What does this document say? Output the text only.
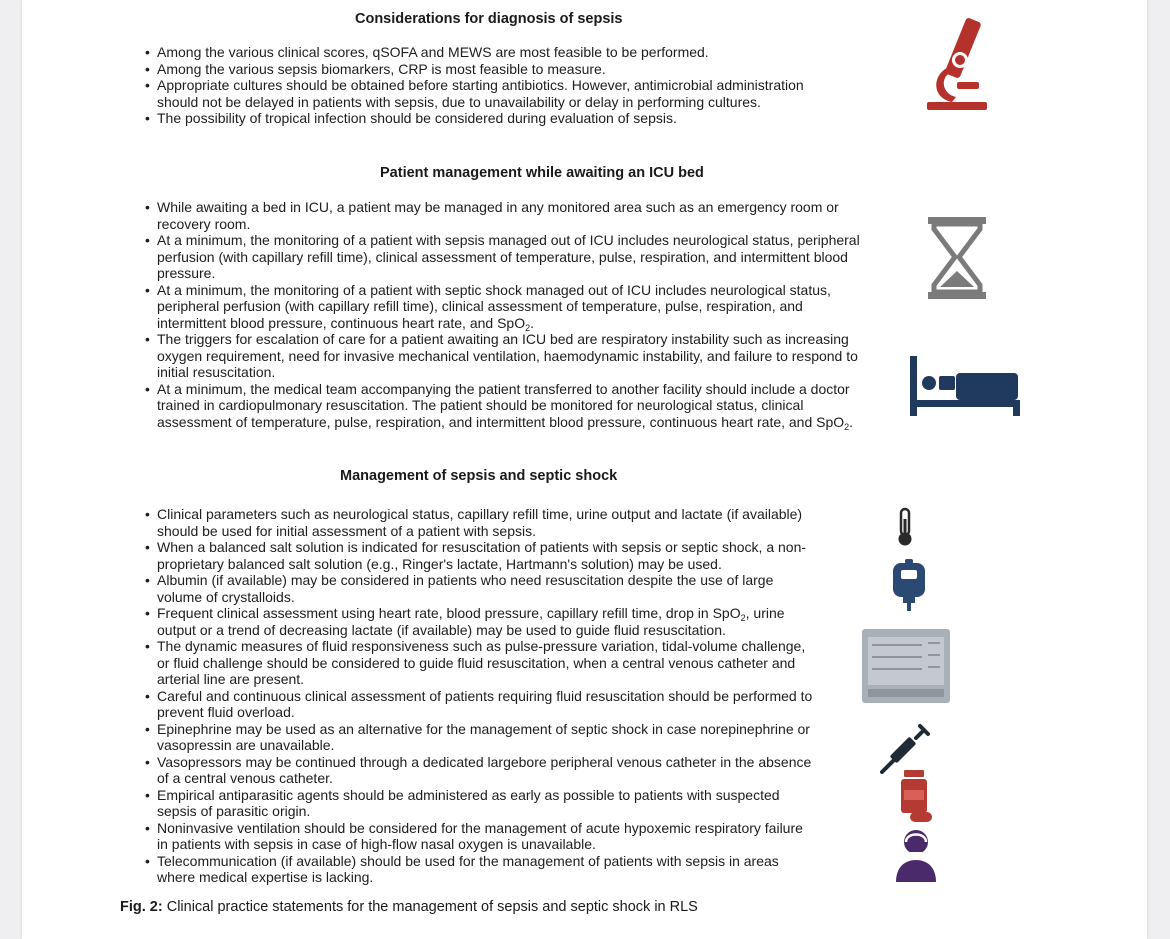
Considerations for diagnosis of sepsis
• Among the various clinical scores, qSOFA and MEWS are most feasible to be performed.
• Among the various sepsis biomarkers, CRP is most feasible to measure.
• Appropriate cultures should be obtained before starting antibiotics. However, antimicrobial administration should not be delayed in patients with sepsis, due to unavailability or delay in performing cultures.
• The possibility of tropical infection should be considered during evaluation of sepsis.
Patient management while awaiting an ICU bed
• While awaiting a bed in ICU, a patient may be managed in any monitored area such as an emergency room or recovery room.
• At a minimum, the monitoring of a patient with sepsis managed out of ICU includes neurological status, peripheral perfusion (with capillary refill time), clinical assessment of temperature, pulse, respiration, and intermittent blood pressure.
• At a minimum, the monitoring of a patient with septic shock managed out of ICU includes neurological status, peripheral perfusion (with capillary refill time), clinical assessment of temperature, pulse, respiration, and intermittent blood pressure, continuous heart rate, and SpO$_2$.
• The triggers for escalation of care for a patient awaiting an ICU bed are respiratory instability such as increasing oxygen requirement, need for invasive mechanical ventilation, haemodynamic instability, and failure to respond to initial resuscitation.
• At a minimum, the medical team accompanying the patient transferred to another facility should include a doctor trained in cardiopulmonary resuscitation. The patient should be monitored for neurological status, clinical assessment of temperature, pulse, respiration, and intermittent blood pressure, continuous heart rate, and SpO$_2$.
Management of sepsis and septic shock
• Clinical parameters such as neurological status, capillary refill time, urine output and lactate (if available) should be used for initial assessment of a patient with sepsis.
• When a balanced salt solution is indicated for resuscitation of patients with sepsis or septic shock, a non-proprietary balanced salt solution (e.g., Ringer's lactate, Hartmann's solution) may be used.
• Albumin (if available) may be considered in patients who need resuscitation despite the use of large volume of crystalloids.
• Frequent clinical assessment using heart rate, blood pressure, capillary refill time, drop in SpO$_2$, urine output or a trend of decreasing lactate (if available) may be used to guide fluid resuscitation.
• The dynamic measures of fluid responsiveness such as pulse-pressure variation, tidal-volume challenge, or fluid challenge should be considered to guide fluid resuscitation, when a central venous catheter and arterial line are present.
• Careful and continuous clinical assessment of patients requiring fluid resuscitation should be performed to prevent fluid overload.
• Epinephrine may be used as an alternative for the management of septic shock in case norepinephrine or vasopressin are unavailable.
• Vasopressors may be continued through a dedicated largebore peripheral venous catheter in the absence of a central venous catheter.
• Empirical antiparasitic agents should be administered as early as possible to patients with suspected sepsis of parasitic origin.
• Noninvasive ventilation should be considered for the management of acute hypoxemic respiratory failure in patients with sepsis in case of high-flow nasal oxygen is unavailable.
• Telecommunication (if available) should be used for the management of patients with sepsis in areas where medical expertise is lacking.
Fig. 2: Clinical practice statements for the management of sepsis and septic shock in RLS
